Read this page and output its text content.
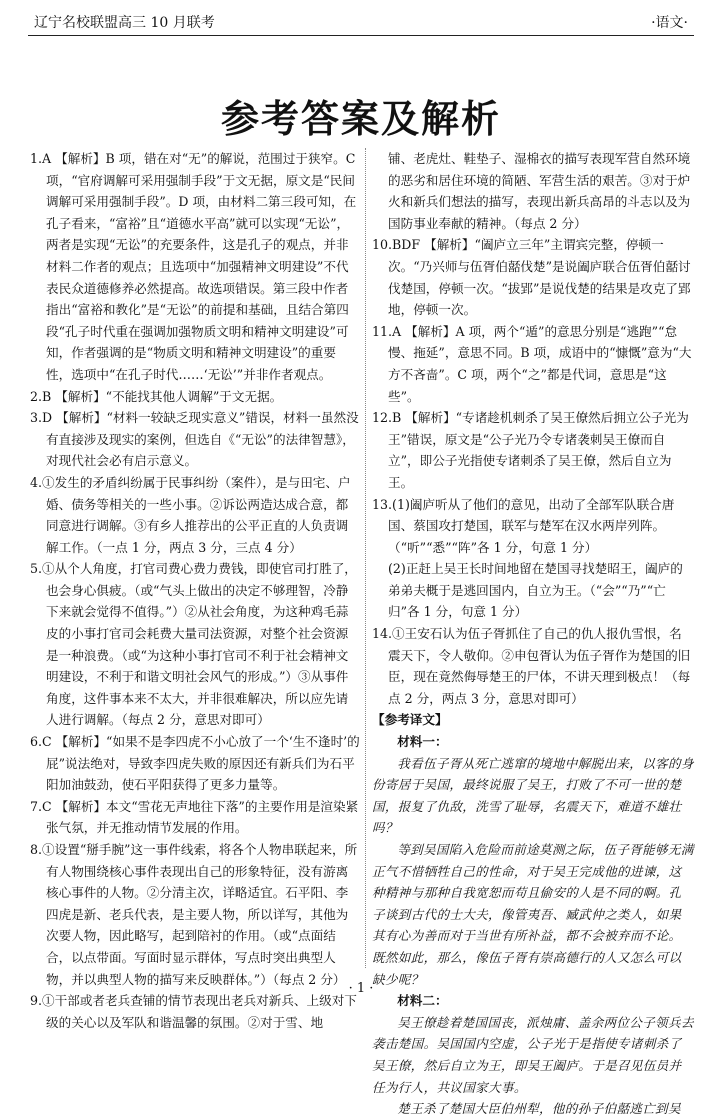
辽宁名校联盟高三 10 月联考	·语文·
参考答案及解析

1.A 【解析】B 项，错在对“无”的解说，范围过于狭窄。C 项，“官府调解可采用强制手段”于文无据，原文是“民间调解可采用强制手段”。D 项，由材料二第三段可知，在孔子看来，“富裕”且“道德水平高”就可以实现“无讼”，两者是实现“无讼”的充要条件，这是孔子的观点，并非材料二作者的观点；且选项中“加强精神文明建设”不代表民众道德修养必然提高。故选项错误。第三段中作者指出“富裕和教化”是“无讼”的前提和基础，且结合第四段“孔子时代重在强调加强物质文明和精神文明建设”可知，作者强调的是“物质文明和精神文明建设”的重要性，选项中“在孔子时代……‘无讼’”并非作者观点。

2.B 【解析】“不能找其他人调解”于文无据。

3.D 【解析】“材料一较缺乏现实意义”错误，材料一虽然没有直接涉及现实的案例，但选自《“无讼”的法律智慧》，对现代社会必有启示意义。

4.①发生的矛盾纠纷属于民事纠纷（案件），是与田宅、户婚、债务等相关的一些小事。②诉讼两造达成合意，都同意进行调解。③有乡人推荐出的公平正直的人负责调解工作。（一点 1 分，两点 3 分，三点 4 分）

5.①从个人角度，打官司费心费力费钱，即使官司打胜了，也会身心俱疲。（或“气头上做出的决定不够理智，冷静下来就会觉得不值得。”）②从社会角度，为这种鸡毛蒜皮的小事打官司会耗费大量司法资源，对整个社会资源是一种浪费。（或“为这种小事打官司不利于社会精神文明建设，不利于和谐文明社会风气的形成。”）③从事件角度，这件事本来不太大，并非很难解决，所以应先请人进行调解。（每点 2 分，意思对即可）

6.C 【解析】“如果不是李四虎不小心放了一个‘生不逢时’的屁”说法绝对，导致李四虎失败的原因还有新兵们为石平阳加油鼓劲，使石平阳获得了更多力量等。

7.C 【解析】本文“雪花无声地往下落”的主要作用是渲染紧张气氛，并无推动情节发展的作用。

8.①设置“掰手腕”这一事件线索，将各个人物串联起来，所有人物围绕核心事件表现出自己的形象特征，没有游离核心事件的人物。②分清主次，详略适宜。石平阳、李四虎是新、老兵代表，是主要人物，所以详写，其他为次要人物，因此略写，起到陪衬的作用。（或“点面结合，以点带面。写面时显示群体，写点时突出典型人物，并以典型人物的描写来反映群体。”）（每点 2 分）

9.①干部或者老兵查铺的情节表现出老兵对新兵、上级对下级的关心以及军队和谐温馨的氛围。②对于雪、地

铺、老虎灶、鞋垫子、湿棉衣的描写表现军营自然环境的恶劣和居住环境的简陋、军营生活的艰苦。③对于炉火和新兵们想法的描写，表现出新兵高昂的斗志以及为国防事业奉献的精神。（每点 2 分）

10.BDF 【解析】“阖庐立三年”主谓宾完整，停顿一次。“乃兴师与伍胥伯嚭伐楚”是说阖庐联合伍胥伯嚭讨伐楚国，停顿一次。“拔郢”是说伐楚的结果是攻克了郢地，停顿一次。

11.A 【解析】A 项，两个“遁”的意思分别是“逃跑”“怠慢、拖延”，意思不同。B 项，成语中的“慷慨”意为“大方不吝啬”。C 项，两个“之”都是代词，意思是“这些”。

12.B 【解析】“专诸趁机刺杀了吴王僚然后拥立公子光为王”错误，原文是“公子光乃令专诸袭刺吴王僚而自立”，即公子光指使专诸刺杀了吴王僚，然后自立为王。

13.(1)阖庐听从了他们的意见，出动了全部军队联合唐国、蔡国攻打楚国，联军与楚军在汉水两岸列阵。（“听”“悉”“阵”各 1 分，句意 1 分）

(2)正赶上吴王长时间地留在楚国寻找楚昭王，阖庐的弟弟夫概于是逃回国内，自立为王。（“会”“乃”“亡归”各 1 分，句意 1 分）

14.①王安石认为伍子胥抓住了自己的仇人报仇雪恨，名震天下，令人敬仰。②申包胥认为伍子胥作为楚国的旧臣，现在竟然侮辱楚王的尸体，不讲天理到极点！（每点 2 分，两点 3 分，意思对即可）

【参考译文】

材料一：

我看伍子胥从死亡逃窜的境地中解脱出来，以客的身份寄居于吴国，最终说服了吴王，打败了不可一世的楚国，报复了仇敌，洗雪了耻辱，名震天下，难道不雄壮吗？

等到吴国陷入危险而前途莫测之际，伍子胥能够无满正气不惜牺牲自己的性命，对于吴王完成他的进谏，这种精神与那种自我宽恕而苟且偷安的人是不同的啊。孔子谈到古代的士大夫，像管夷吾、臧武仲之类人，如果其有心为善而对于当世有所补益，都不会被弃而不论。既然如此，那么，像伍子胥有崇高德行的人又怎么可以缺少呢？

材料二：

吴王僚趁着楚国国丧，派烛庸、盖余两位公子领兵去袭击楚国。吴国国内空虚，公子光于是指使专诸刺杀了吴王僚，然后自立为王，即吴王阖庐。于是召见伍员并任为行人，共议国家大事。

楚王杀了楚国大臣伯州犁，他的孙子伯嚭逃亡到吴

· 1 ·
